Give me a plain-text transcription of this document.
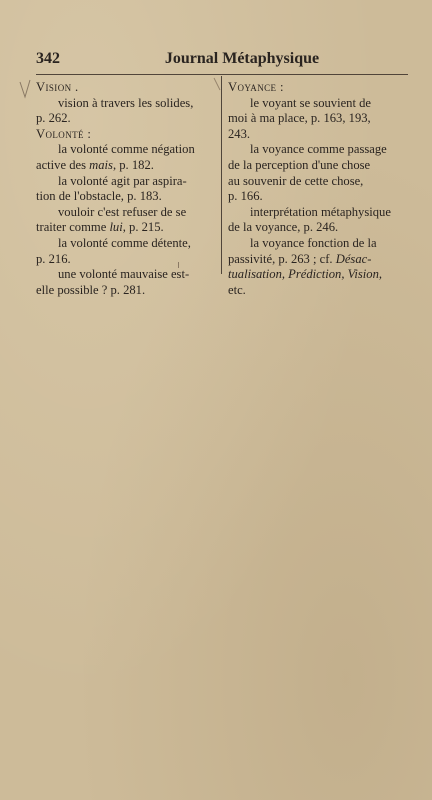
342	Journal Métaphysique
Vision .
vision à travers les solides,
p. 262.
Volonté :
la volonté comme négation
active des mais, p. 182.
la volonté agit par aspira-
tion de l'obstacle, p. 183.
vouloir c'est refuser de se
traiter comme lui, p. 215.
la volonté comme détente,
p. 216.
une volonté mauvaise est-
elle possible ? p. 281.
Voyance :
le voyant se souvient de
moi à ma place, p. 163, 193,
243.
la voyance comme passage
de la perception d'une chose
au souvenir de cette chose,
p. 166.
interprétation métaphysique
de la voyance, p. 246.
la voyance fonction de la
passivité, p. 263 ; cf. Désac-
tualisation, Prédiction, Vision,
etc.
